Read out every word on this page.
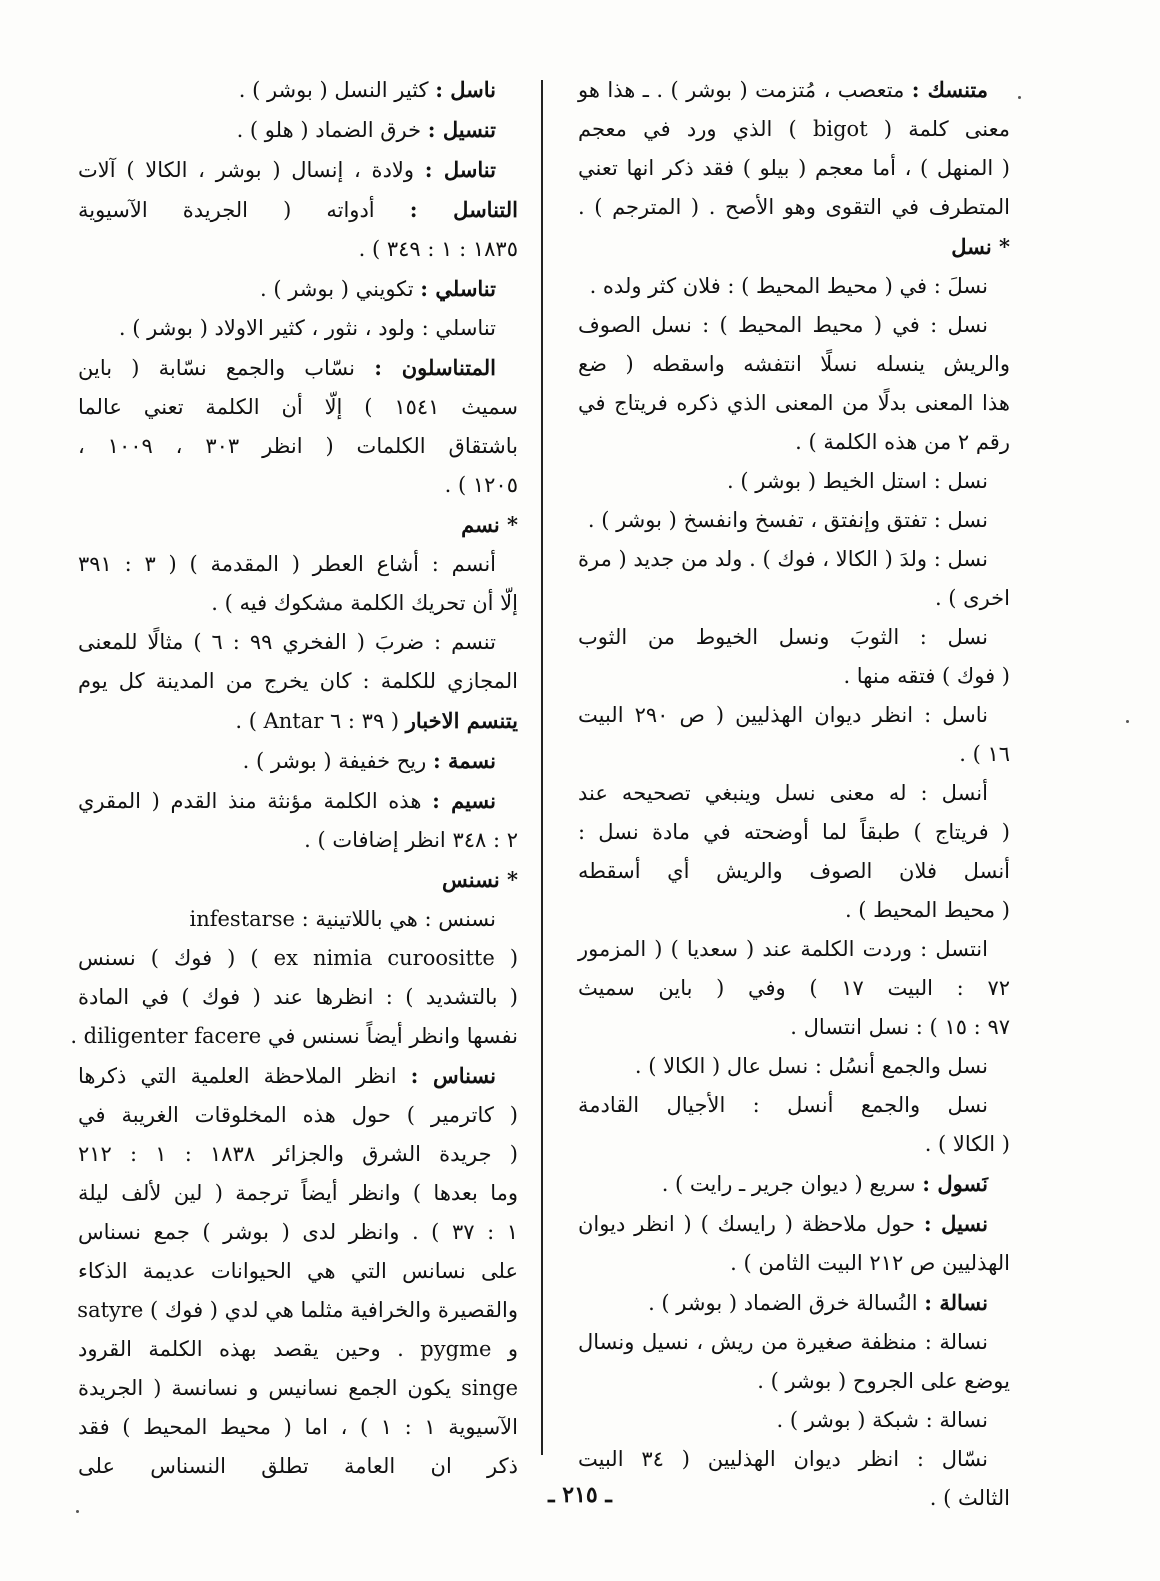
متنسك : متعصب ، مُتزمت ( بوشر ) . ـ هذا هو
معنى كلمة ( bigot ) الذي ورد في معجم
( المنهل ) ، أما معجم ( بيلو ) فقد ذكر انها تعني
المتطرف في التقوى وهو الأصح . ( المترجم ) .
* نسل
نسلَ : في ( محيط المحيط ) : فلان كثر ولده .
نسل : في ( محيط المحيط ) : نسل الصوف
والريش ينسله نسلًا انتفشه واسقطه ( ضع
هذا المعنى بدلًا من المعنى الذي ذكره فريتاج في
رقم ٢ من هذه الكلمة ) .
نسل : استل الخيط ( بوشر ) .
نسل : تفتق وإنفتق ، تفسخ وانفسخ ( بوشر ) .
نسل : ولدَ ( الكالا ، فوك ) . ولد من جديد ( مرة
اخرى ) .
نسل : الثوبَ ونسل الخيوط من الثوب
( فوك ) فتقه منها .
ناسل : انظر ديوان الهذليين ( ص ٢٩٠ البيت
١٦ ) .
أنسل : له معنى نسل وينبغي تصحيحه عند
( فريتاج ) طبقاً لما أوضحته في مادة نسل :
أنسل فلان الصوف والريش أي أسقطه
( محيط المحيط ) .
انتسل : وردت الكلمة عند ( سعديا ) ( المزمور
٧٢ : البيت ١٧ ) وفي ( باين سميث
٩٧ : ١٥ ) : نسل انتسال .
نسل والجمع أنسُل : نسل عال ( الكالا ) .
نسل والجمع أنسل : الأجيال القادمة
( الكالا ) .
نَسول : سريع ( ديوان جرير ـ رايت ) .
نسيل : حول ملاحظة ( رايسك ) ( انظر ديوان
الهذليين ص ٢١٢ البيت الثامن ) .
نسالة : النُسالة خرق الضماد ( بوشر ) .
نسالة : منظفة صغيرة من ريش ، نسيل ونسال
يوضع على الجروح ( بوشر ) .
نسالة : شبكة ( بوشر ) .
نسّال : انظر ديوان الهذليين ( ٣٤ البيت
الثالث ) .
ناسل : كثير النسل ( بوشر ) .
تنسيل : خرق الضماد ( هلو ) .
تناسل : ولادة ، إنسال ( بوشر ، الكالا ) آلات
التناسل : أدواته ( الجريدة الآسيوية
١٨٣٥ : ١ : ٣٤٩ ) .
تناسلي : تكويني ( بوشر ) .
تناسلي : ولود ، نثور ، كثير الاولاد ( بوشر ) .
المتناسلون : نسّاب والجمع نسّابة ( باين
سميث ١٥٤١ ) إلّا أن الكلمة تعني عالما
باشتقاق الكلمات ( انظر ٣٠٣ ، ١٠٠٩ ،
١٢٠٥ ) .
* نسم
أنسم : أشاع العطر ( المقدمة ) ( ٣ : ٣٩١
إلّا أن تحريك الكلمة مشكوك فيه ) .
تنسم : ضربَ ( الفخري ٩٩ : ٦ ) مثالًا للمعنى
المجازي للكلمة : كان يخرج من المدينة كل يوم
يتنسم الاخبار ( ٣٩ : ٦ Antar ) .
نسمة : ريح خفيفة ( بوشر ) .
نسيم : هذه الكلمة مؤنثة منذ القدم ( المقري
٢ : ٣٤٨ انظر إضافات ) .
* نسنس
نسنس : هي باللاتينية : infestarse
( ex nimia curoositte ) ( فوك ) نسنس
( بالتشديد ) : انظرها عند ( فوك ) في المادة
نفسها وانظر أيضاً نسنس في diligenter facere .
نسناس : انظر الملاحظة العلمية التي ذكرها
( كاترمير ) حول هذه المخلوقات الغريبة في
( جريدة الشرق والجزائر ١٨٣٨ : ١ : ٢١٢
وما بعدها ) وانظر أيضاً ترجمة ( لين لألف ليلة
١ : ٣٧ ) . وانظر لدى ( بوشر ) جمع نسناس
على نسانس التي هي الحيوانات عديمة الذكاء
والقصيرة والخرافية مثلما هي لدي ( فوك ) satyre
و pygme . وحين يقصد بهذه الكلمة القرود
singe يكون الجمع نسانيس و نسانسة ( الجريدة
الآسيوية ١ : ١ ) ، اما ( محيط المحيط ) فقد
ذكر ان العامة تطلق النسناس على
ـ ٢١٥ ـ
